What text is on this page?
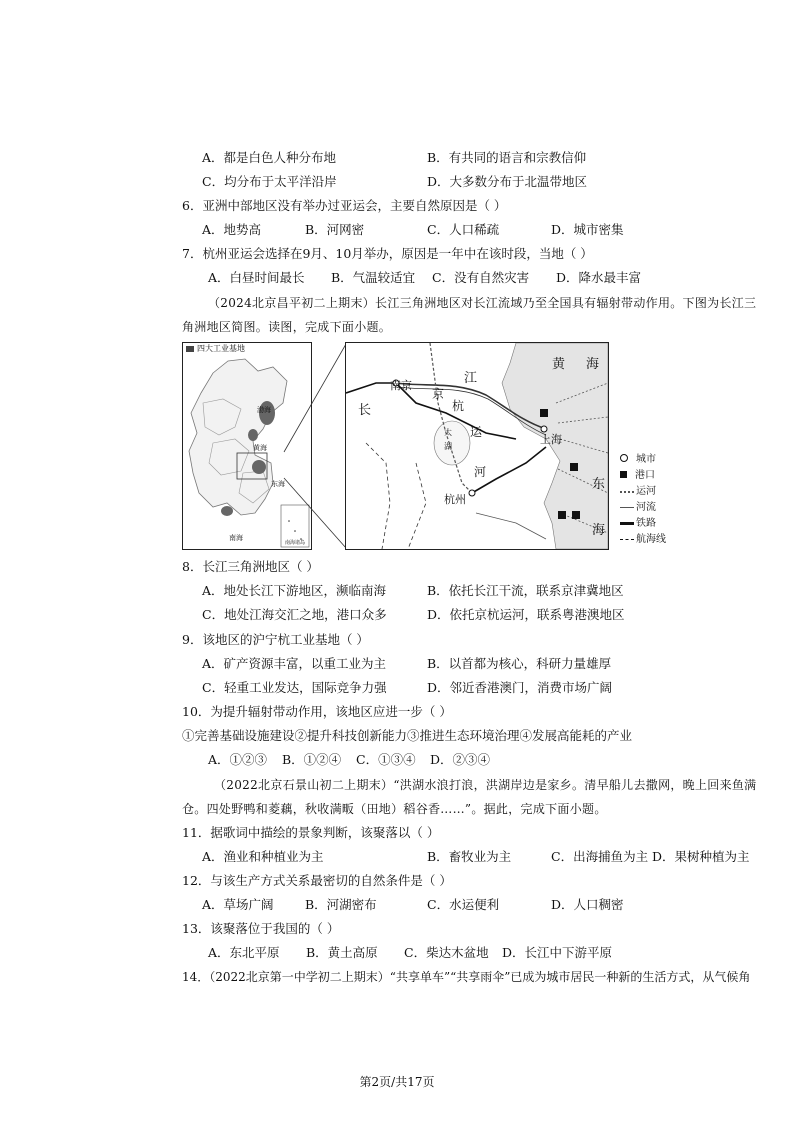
A．都是白色人种分布地	B．有共同的语言和宗教信仰
C．均分布于太平洋沿岸	D．大多数分布于北温带地区
6．亚洲中部地区没有举办过亚运会，主要自然原因是（ ）
A．地势高	B．河网密	C．人口稀疏	D．城市密集
7．杭州亚运会选择在9月、10月举办，原因是一年中在该时段，当地（ ）
A．白昼时间最长 B．气温较适宜 C．没有自然灾害 D．降水最丰富
（2024北京昌平初二上期末）长江三角洲地区对长江流域乃至全国具有辐射带动作用。下图为长江三
角洲地区简图。读图，完成下面小题。
四大工业基地
渤海
黄海
东海
南海
南海诸岛
黄 海
南京	江
长
京
杭
太
湖
运
上海
河
杭州
东
海
城市
港口
运河
河流
铁路
航海线
8．长江三角洲地区（ ）
A．地处长江下游地区，濒临南海	B．依托长江干流，联系京津冀地区
C．地处江海交汇之地，港口众多	D．依托京杭运河，联系粤港澳地区
9．该地区的沪宁杭工业基地（ ）
A．矿产资源丰富，以重工业为主	B．以首都为核心，科研力量雄厚
C．轻重工业发达，国际竞争力强	D．邻近香港澳门，消费市场广阔
10．为提升辐射带动作用，该地区应进一步（ ）
①完善基础设施建设②提升科技创新能力③推进生态环境治理④发展高能耗的产业
A．①②③ B．①②④ C．①③④ D．②③④
（2022北京石景山初二上期末）“洪湖水浪打浪，洪湖岸边是家乡。清早船儿去撒网，晚上回来鱼满
仓。四处野鸭和菱藕，秋收满畈（田地）稻谷香……”。据此，完成下面小题。
11．据歌词中描绘的景象判断，该聚落以（ ）
A．渔业和种植业为主	B．畜牧业为主	C．出海捕鱼为主 D．果树种植为主
12．与该生产方式关系最密切的自然条件是（ ）
A．草场广阔	B．河湖密布	C．水运便利	D．人口稠密
13．该聚落位于我国的（ ）
A．东北平原 B．黄土高原 C．柴达木盆地 D．长江中下游平原
14．（2022北京第一中学初二上期末）“共享单车”“共享雨伞”已成为城市居民一种新的生活方式，从气候角
第2页/共17页
